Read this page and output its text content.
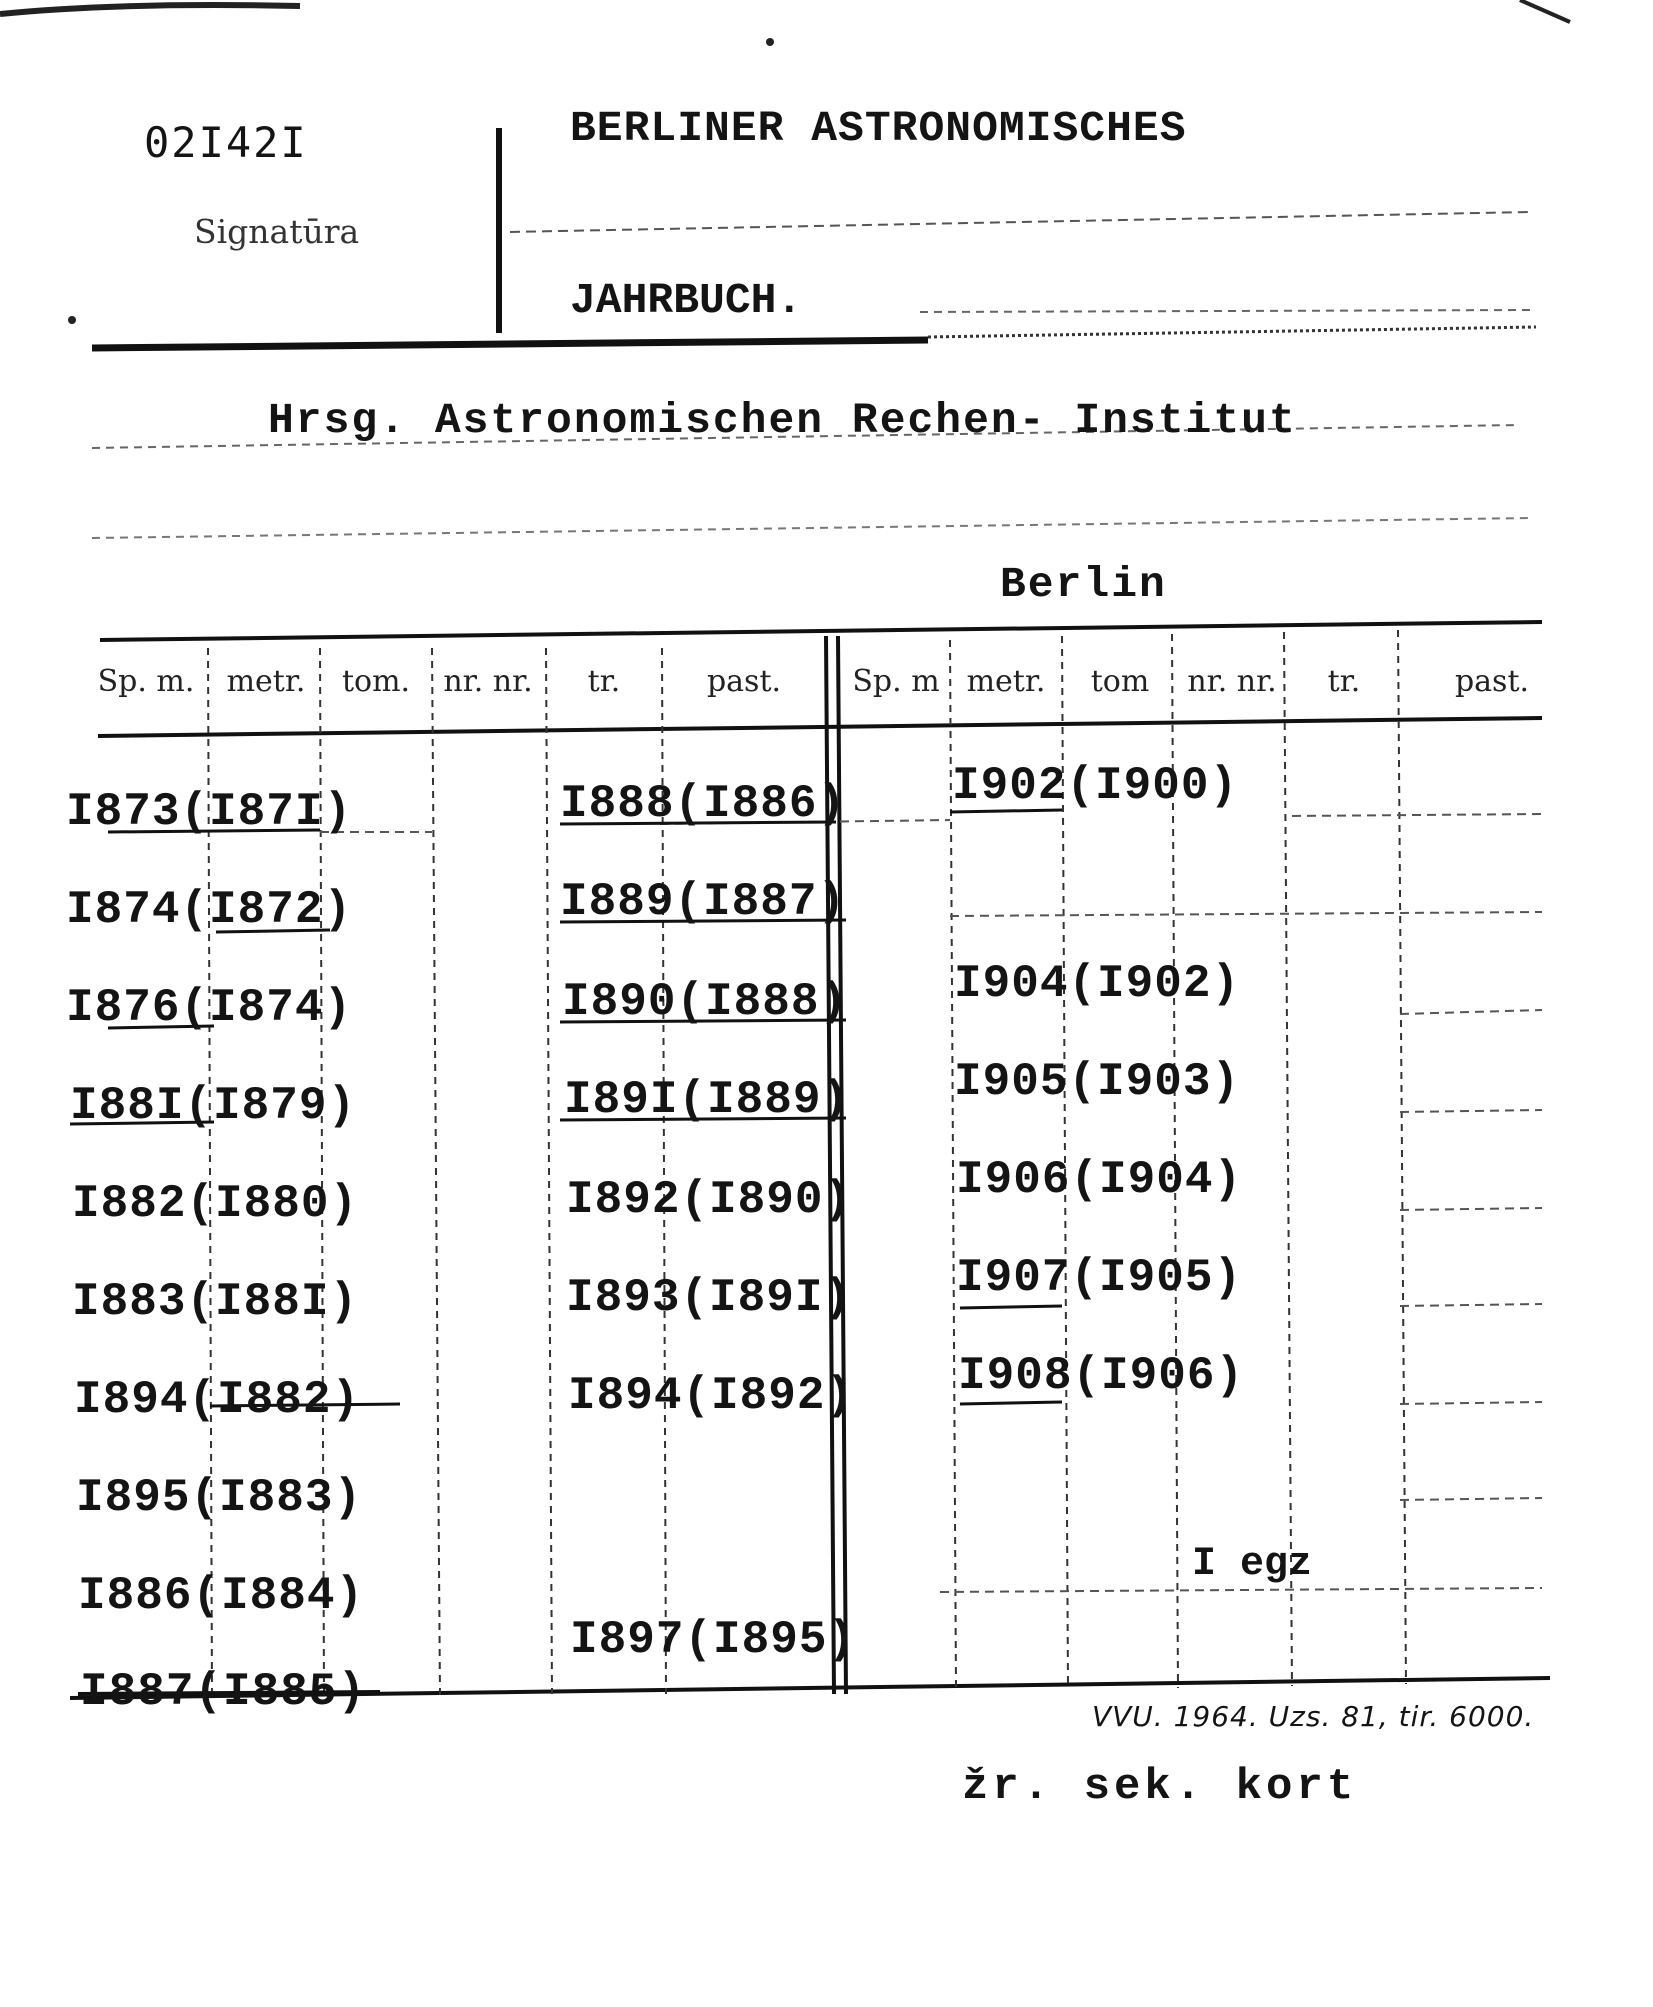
02I42I
Signatūra
BERLINER ASTRONOMISCHES
JAHRBUCH.
Hrsg. Astronomischen Rechen- Institut
Berlin
Sp. m. metr. tom. nr. nr. tr.	past. Sp. m metr. tom nr. nr. tr.	past.
I873(I87I)
I874(I872)
I876(I874)
I88I(I879)
I882(I880)
I883(I88I)
I894(I882)
I895(I883)
I886(I884)
I887(I885)
I888(I886)
I889(I887)
I890(I888)
I89I(I889)
I892(I890)
I893(I89I)
I894(I892)
I897(I895)
I902(I900)
I904(I902)
I905(I903)
I906(I904)
I907(I905)
I908(I906)
I egz
VVU. 1964. Uzs. 81, tir. 6000.
žr. sek. kort
